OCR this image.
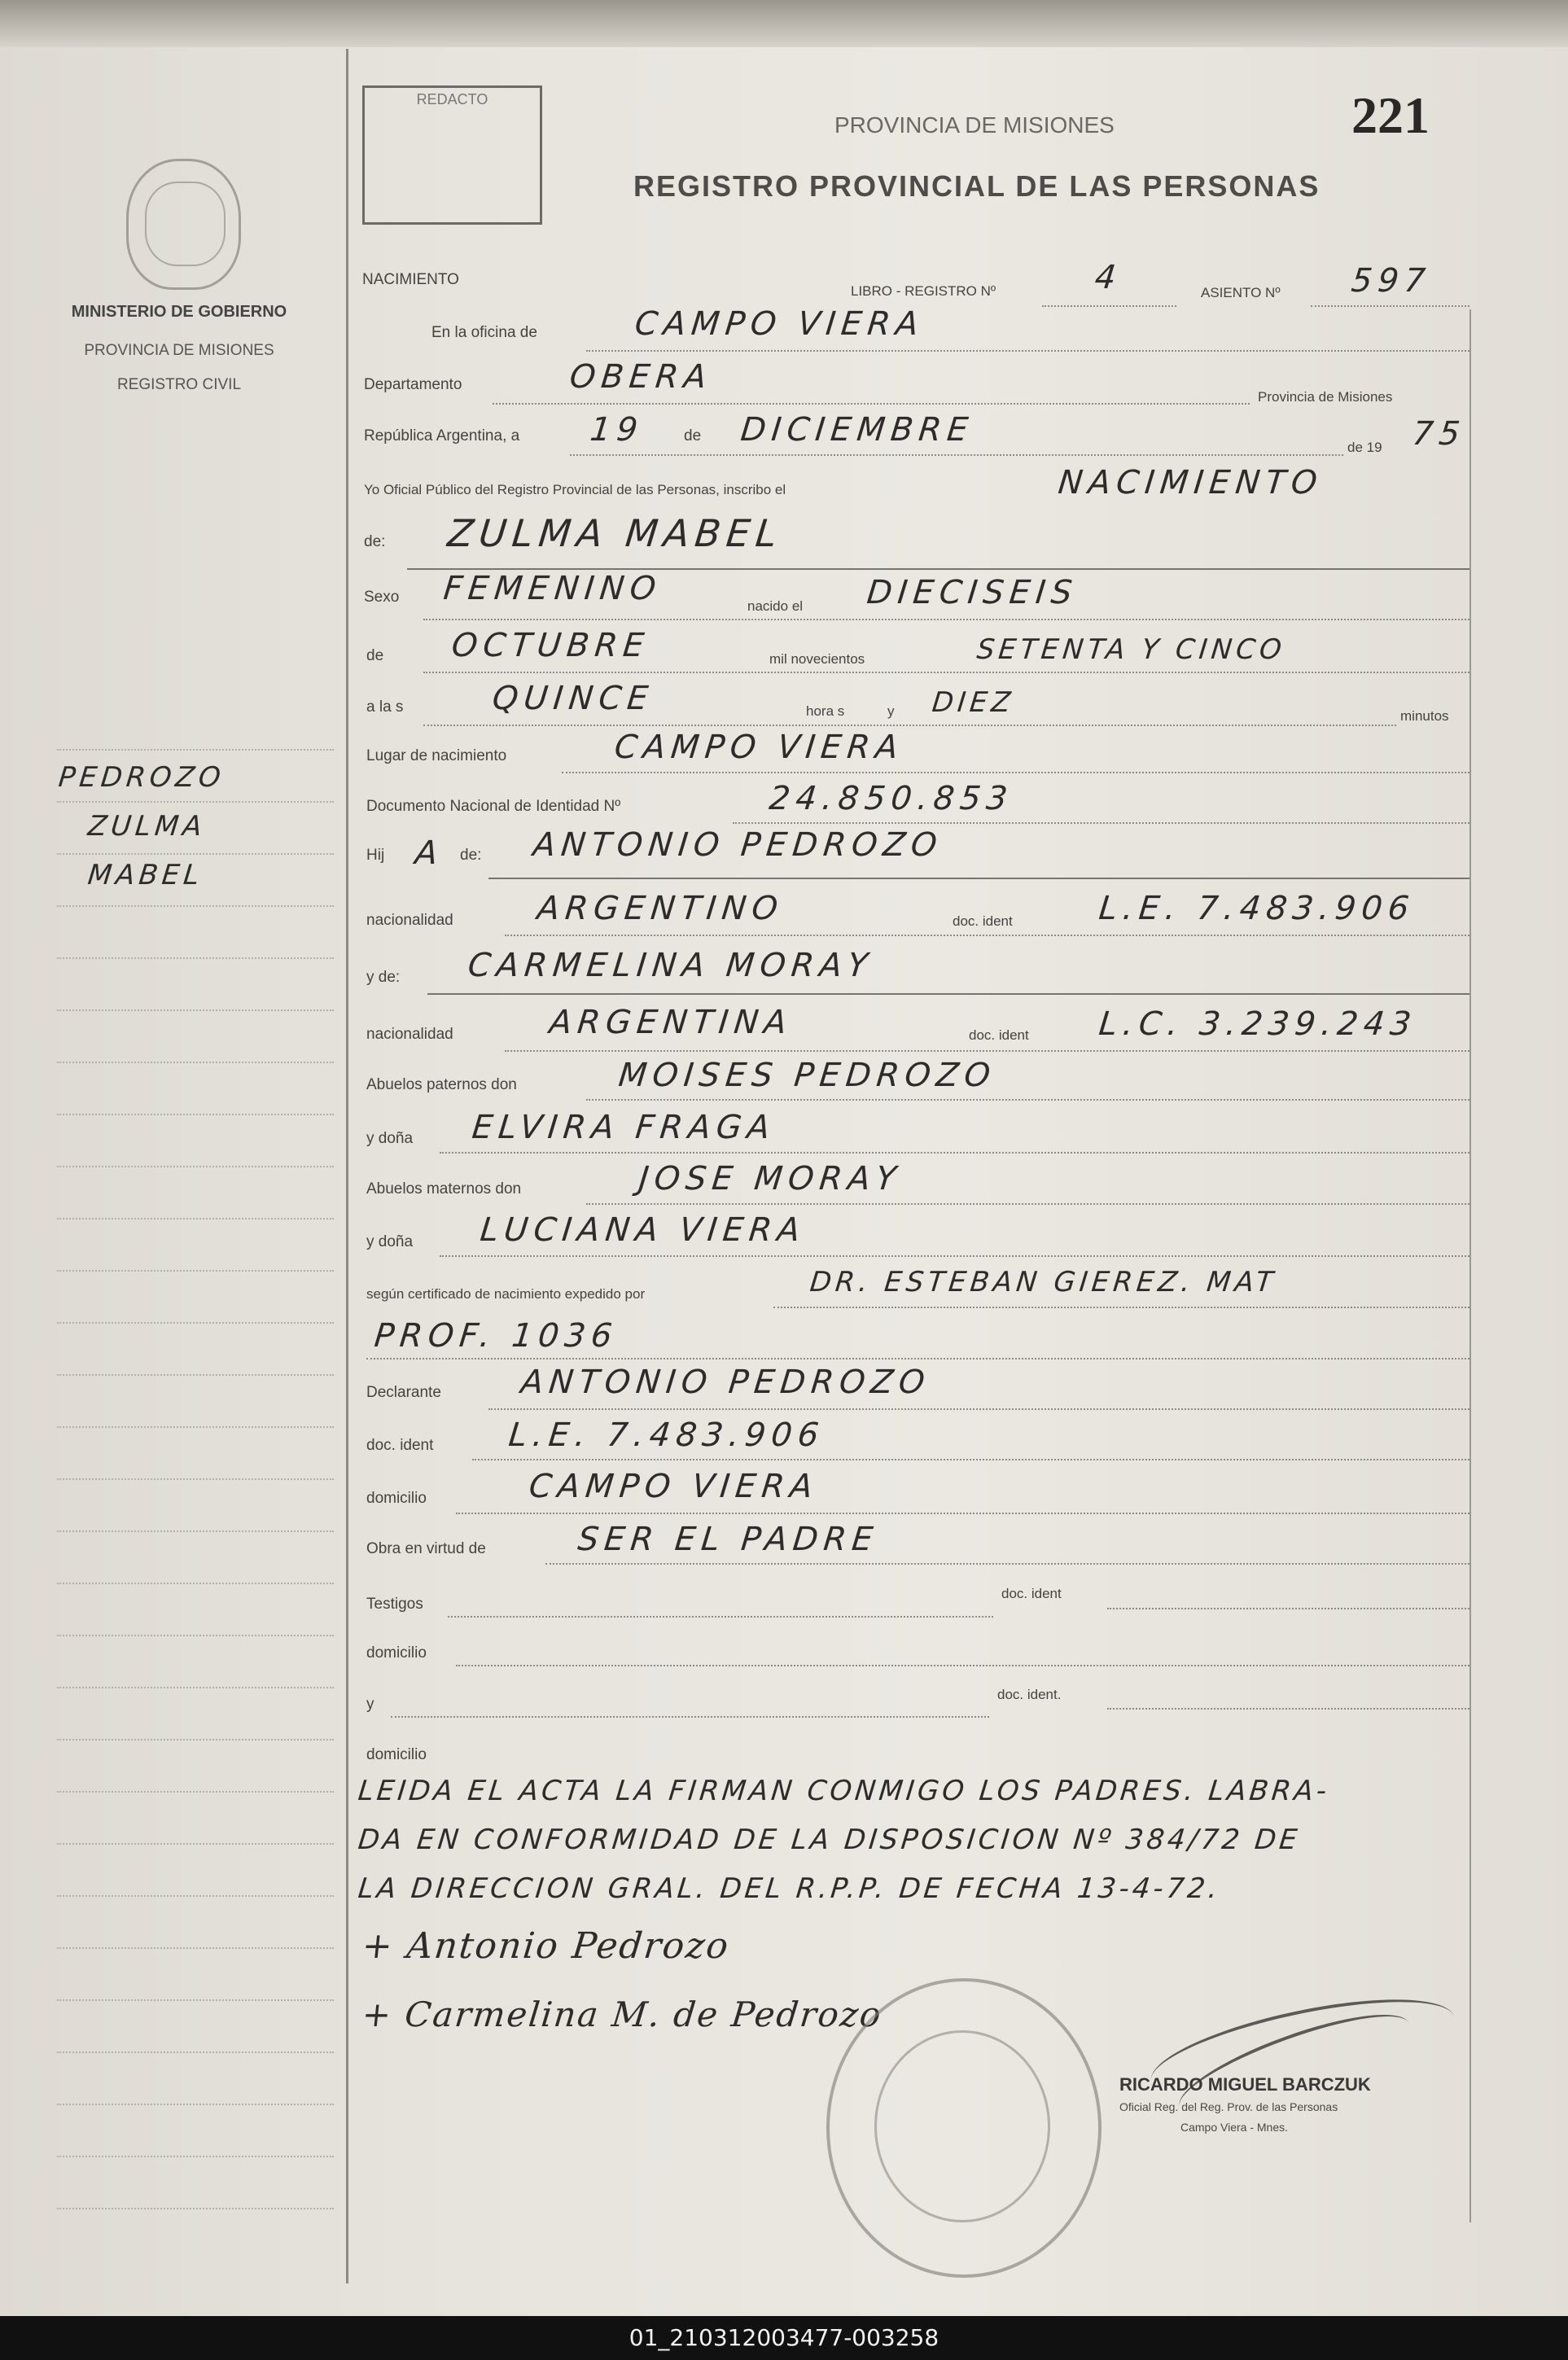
MINISTERIO DE GOBIERNO
PROVINCIA DE MISIONES
REGISTRO CIVIL
PEDROZO
ZULMA
MABEL
REDACTO
PROVINCIA DE MISIONES	221
REGISTRO PROVINCIAL DE LAS PERSONAS
NACIMIENTO
LIBRO - REGISTRO Nº	4	ASIENTO Nº 597
En la oficina de	CAMPO VIERA
Departamento	OBERA
Provincia de Misiones
República Argentina, a 19	de DICIEMBRE	de 19 75
Yo Oficial Público del Registro Provincial de las Personas, inscribo el	NACIMIENTO
de: ZULMA MABEL
Sexo FEMENINO	nacido el DIECISEIS
de OCTUBRE	mil novecientos	SETENTA Y CINCO
a la s	QUINCE	hora s	y DIEZ	minutos
Lugar de nacimiento	CAMPO VIERA
Documento Nacional de Identidad Nº	24.850.853
Hij A de: ANTONIO PEDROZO
nacionalidad	ARGENTINO	doc. ident	L.E. 7.483.906
y de: CARMELINA MORAY
nacionalidad	ARGENTINA	doc. ident L.C. 3.239.243
Abuelos paternos don	MOISES PEDROZO
y doña ELVIRA FRAGA
Abuelos maternos don	JOSE MORAY
y doña LUCIANA VIERA
según certificado de nacimiento expedido por	DR. ESTEBAN GIEREZ. MAT
PROF. 1036
Declarante ANTONIO PEDROZO
doc. ident L.E. 7.483.906
domicilio	CAMPO VIERA
Obra en virtud de	SER EL PADRE
Testigos
doc. ident
domicilio
y
doc. ident.
domicilio
LEIDA EL ACTA LA FIRMAN CONMIGO LOS PADRES. LABRA-
DA EN CONFORMIDAD DE LA DISPOSICION Nº 384/72 DE
LA DIRECCION GRAL. DEL R.P.P. DE FECHA 13-4-72.
+ Antonio Pedrozo
+ Carmelina M. de Pedrozo
RICARDO MIGUEL BARCZUK
Oficial Reg. del Reg. Prov. de las Personas
Campo Viera - Mnes.
01_210312003477-003258
